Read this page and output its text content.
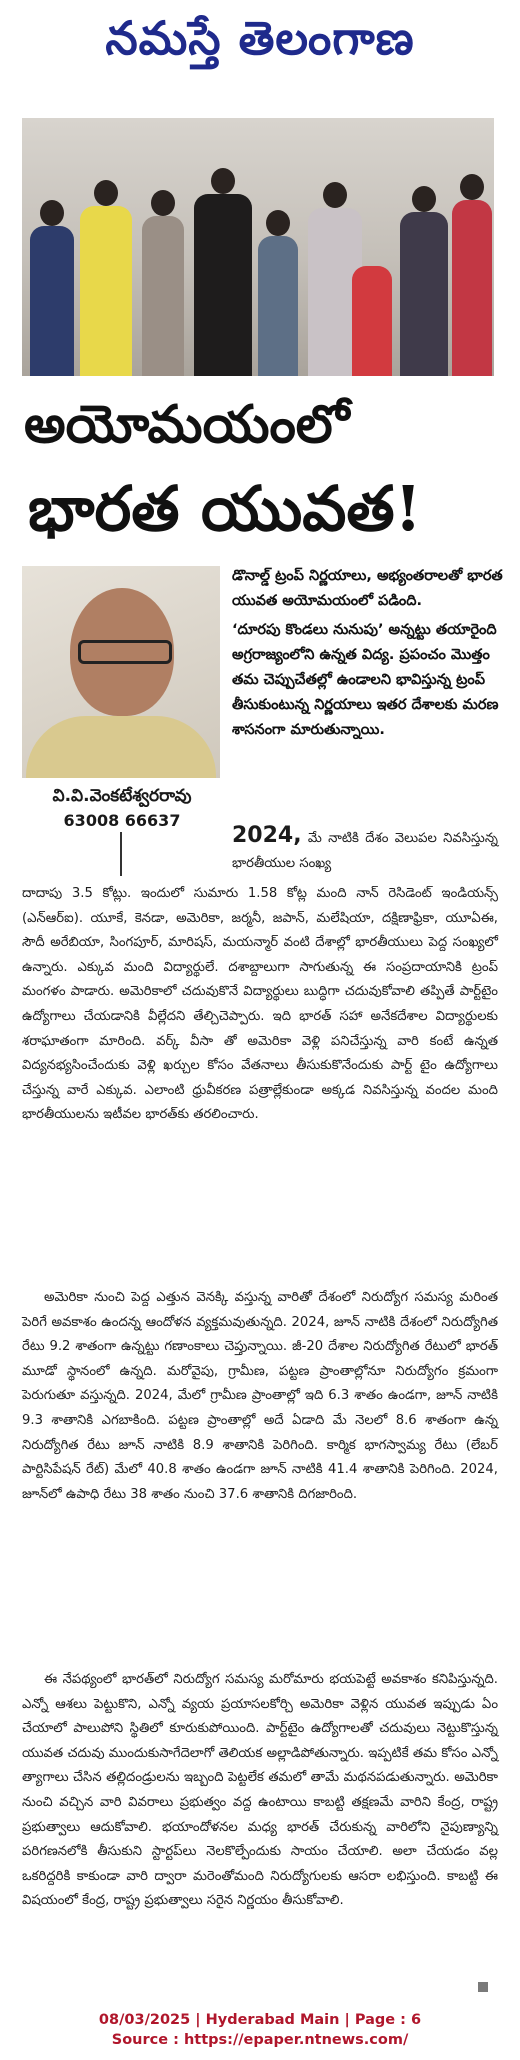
నమస్తే తెలంగాణ
అయోమయంలో
భారత యువత!
వి.వి.వెంకటేశ్వరరావు
63008 66637

డొనాల్డ్ ట్రంప్ నిర్ణయాలు, అభ్యంతరాలతో భారత యువత అయోమయంలో పడింది.

‘దూరపు కొండలు నునుపు’ అన్నట్టు తయారైంది అగ్రరాజ్యంలోని ఉన్నత విద్య. ప్రపంచం మొత్తం తమ చెప్పుచేతల్లో ఉండాలని భావిస్తున్న ట్రంప్ తీసుకుంటున్న నిర్ణయాలు ఇతర దేశాలకు మరణ శాసనంగా మారుతున్నాయి.

2024, మే నాటికి దేశం వెలుపల నివసిస్తున్న భారతీయుల సంఖ్య

దాదాపు 3.5 కోట్లు. ఇందులో సుమారు 1.58 కోట్ల మంది నాన్ రెసిడెంట్ ఇండియన్స్ (ఎన్ఆర్ఐ). యూకే, కెనడా, అమెరికా, జర్మనీ, జపాన్, మలేషియా, దక్షిణాఫ్రికా, యూఏఈ, సౌదీ అరేబియా, సింగపూర్, మారిషస్, మయన్మార్ వంటి దేశాల్లో భారతీయులు పెద్ద సంఖ్యలో ఉన్నారు. ఎక్కువ మంది విద్యార్థులే. దశాబ్దాలుగా సాగుతున్న ఈ సంప్రదాయానికి ట్రంప్ మంగళం పాడారు. అమెరికాలో చదువుకొనే విద్యార్థులు బుద్ధిగా చదువుకోవాలి తప్పితే పార్ట్‌టైం ఉద్యోగాలు చేయడానికి వీల్లేదని తేల్చిచెప్పారు. ఇది భారత్ సహా అనేకదేశాల విద్యార్థులకు శరాఘాతంగా మారింది. వర్క్ వీసా తో అమెరికా వెళ్లి పనిచేస్తున్న వారి కంటే ఉన్నత విద్యనభ్యసించేందుకు వెళ్లి ఖర్చుల కోసం వేతనాలు తీసుకుకొనేందుకు పార్ట్ టైం ఉద్యోగాలు చేస్తున్న వారే ఎక్కువ. ఎలాంటి ధ్రువీకరణ పత్రాల్లేకుండా అక్కడ నివసిస్తున్న వందల మంది భారతీయులను ఇటీవల భారత్‌కు తరలించారు.

అమెరికా నుంచి పెద్ద ఎత్తున వెనక్కి వస్తున్న వారితో దేశంలో నిరుద్యోగ సమస్య మరింత పెరిగే అవకాశం ఉందన్న ఆందోళన వ్యక్తమవుతున్నది. 2024, జూన్ నాటికి దేశంలో నిరుద్యోగిత రేటు 9.2 శాతంగా ఉన్నట్టు గణాంకాలు చెప్తున్నాయి. జీ-20 దేశాల నిరుద్యోగిత రేటులో భారత్ మూడో స్థానంలో ఉన్నది. మరోవైపు, గ్రామీణ, పట్టణ ప్రాంతాల్లోనూ నిరుద్యోగం క్రమంగా పెరుగుతూ వస్తున్నది. 2024, మేలో గ్రామీణ ప్రాంతాల్లో ఇది 6.3 శాతం ఉండగా, జూన్ నాటికి 9.3 శాతానికి ఎగబాకింది. పట్టణ ప్రాంతాల్లో అదే ఏడాది మే నెలలో 8.6 శాతంగా ఉన్న నిరుద్యోగిత రేటు జూన్ నాటికి 8.9 శాతానికి పెరిగింది. కార్మిక భాగస్వామ్య రేటు (లేబర్ పార్టిసిపేషన్ రేట్) మేలో 40.8 శాతం ఉండగా జూన్ నాటికి 41.4 శాతానికి పెరిగింది. 2024, జూన్‌లో ఉపాధి రేటు 38 శాతం నుంచి 37.6 శాతానికి దిగజారింది.

ఈ నేపథ్యంలో భారత్‌లో నిరుద్యోగ సమస్య మరోమారు భయపెట్టే అవకాశం కనిపిస్తున్నది. ఎన్నో ఆశలు పెట్టుకొని, ఎన్నో వ్యయ ప్రయాసలకోర్చి అమెరికా వెళ్లిన యువత ఇప్పుడు ఏం చేయాలో పాలుపోని స్థితిలో కూరుకుపోయింది. పార్ట్‌టైం ఉద్యోగాలతో చదువులు నెట్టుకొస్తున్న యువత చదువు ముందుకుసాగేదెలాగో తెలియక అల్లాడిపోతున్నారు. ఇప్పటికే తమ కోసం ఎన్నో త్యాగాలు చేసిన తల్లిదండ్రులను ఇబ్బంది పెట్టలేక తమలో తామే మథనపడుతున్నారు. అమెరికా నుంచి వచ్చిన వారి వివరాలు ప్రభుత్వం వద్ద ఉంటాయి కాబట్టి తక్షణమే వారిని కేంద్ర, రాష్ట్ర ప్రభుత్వాలు ఆదుకోవాలి. భయాందోళనల మధ్య భారత్ చేరుకున్న వారిలోని నైపుణ్యాన్ని పరిగణనలోకి తీసుకుని స్టార్టప్‌లు నెలకొల్పేందుకు సాయం చేయాలి. అలా చేయడం వల్ల ఒకరిద్దరికి కాకుండా వారి ద్వారా మరెంతోమంది నిరుద్యోగులకు ఆసరా లభిస్తుంది. కాబట్టి ఈ విషయంలో కేంద్ర, రాష్ట్ర ప్రభుత్వాలు సరైన నిర్ణయం తీసుకోవాలి.

08/03/2025 | Hyderabad Main | Page : 6
Source : https://epaper.ntnews.com/
